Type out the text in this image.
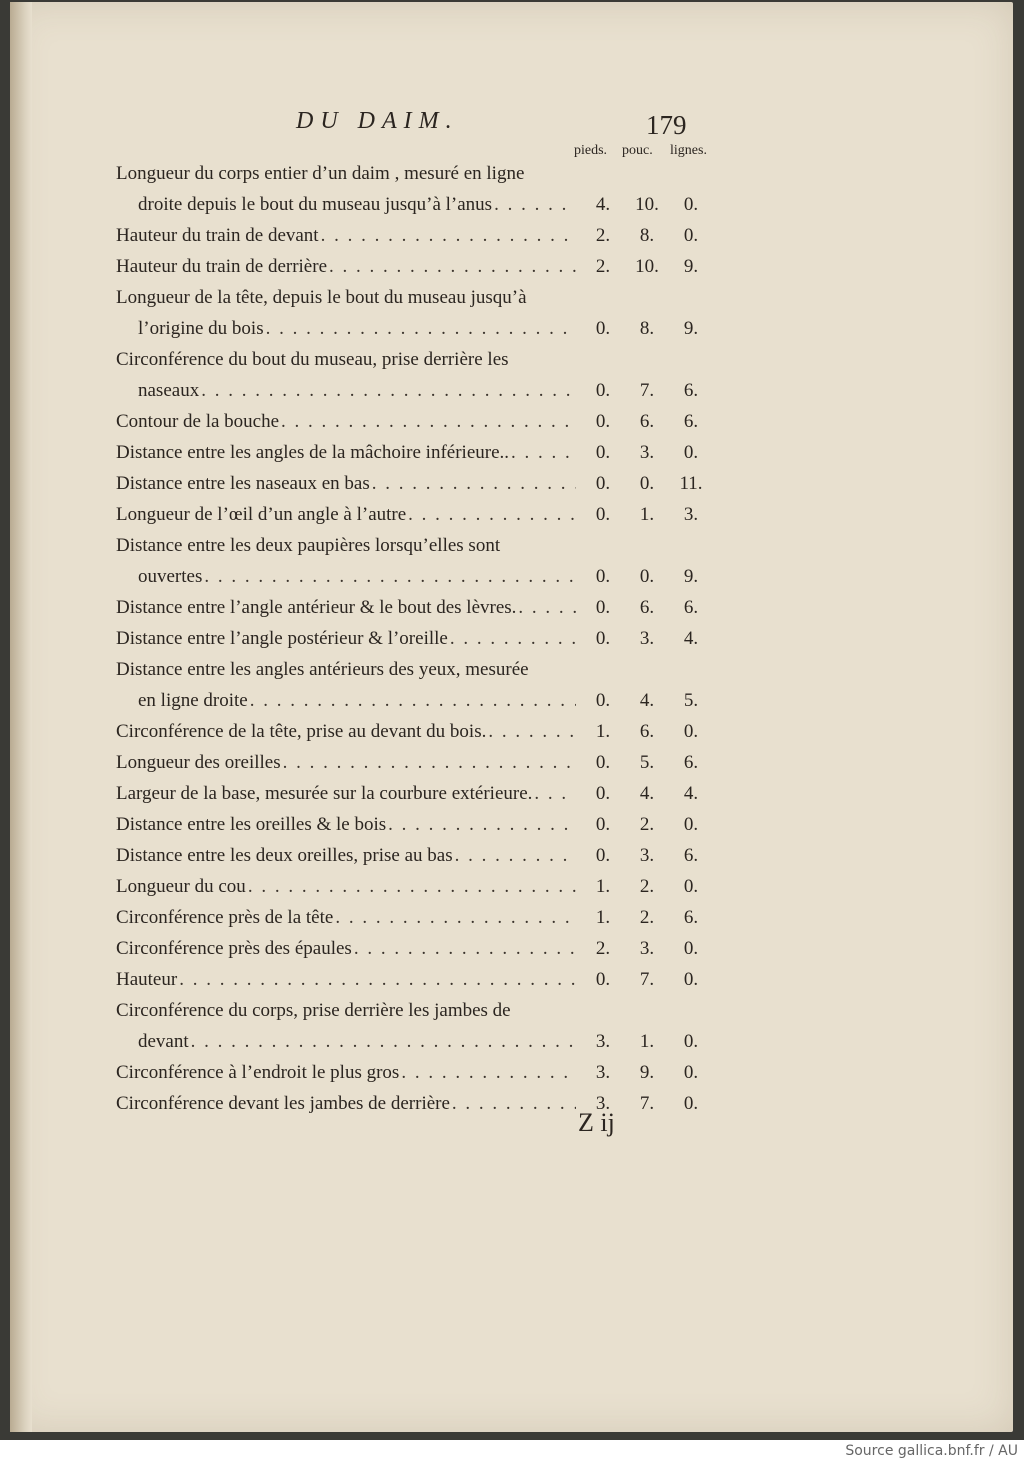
DU DAIM.	179
pieds. pouc. lignes.
Longueur du corps entier d’un daim , mesuré en ligne
droite depuis le bout du museau jusqu’à l’anus . . .	4.	10.	0.
Hauteur du train de devant . . .	2.	8.	0.
Hauteur du train de derrière . . .	2.	10.	9.
Longueur de la tête, depuis le bout du museau jusqu’à
l’origine du bois . . .	0.	8.	9.
Circonférence du bout du museau, prise derrière les
naseaux . . .	0.	7.	6.
Contour de la bouche . . .	0.	6.	6.
Distance entre les angles de la mâchoire inférieure.. . . .	0.	3.	0.
Distance entre les naseaux en bas . . .	0.	0.	11.
Longueur de l’œil d’un angle à l’autre . . .	0.	1.	3.
Distance entre les deux paupières lorsqu’elles sont
ouvertes . . .	0.	0.	9.
Distance entre l’angle antérieur & le bout des lèvres. . . .	0.	6.	6.
Distance entre l’angle postérieur & l’oreille . . .	0.	3.	4.
Distance entre les angles antérieurs des yeux, mesurée
en ligne droite . . .	0.	4.	5.
Circonférence de la tête, prise au devant du bois. . . .	1.	6.	0.
Longueur des oreilles . . .	0.	5.	6.
Largeur de la base, mesurée sur la courbure extérieure. . . .	0.	4.	4.
Distance entre les oreilles & le bois . . .	0.	2.	0.
Distance entre les deux oreilles, prise au bas . . .	0.	3.	6.
Longueur du cou . . .	1.	2.	0.
Circonférence près de la tête . . .	1.	2.	6.
Circonférence près des épaules . . .	2.	3.	0.
Hauteur . . .	0.	7.	0.
Circonférence du corps, prise derrière les jambes de
devant . . .	3.	1.	0.
Circonférence à l’endroit le plus gros . . .	3.	9.	0.
Circonférence devant les jambes de derrière . . .	3.	7.	0.
Z ij
Source gallica.bnf.fr / AU
